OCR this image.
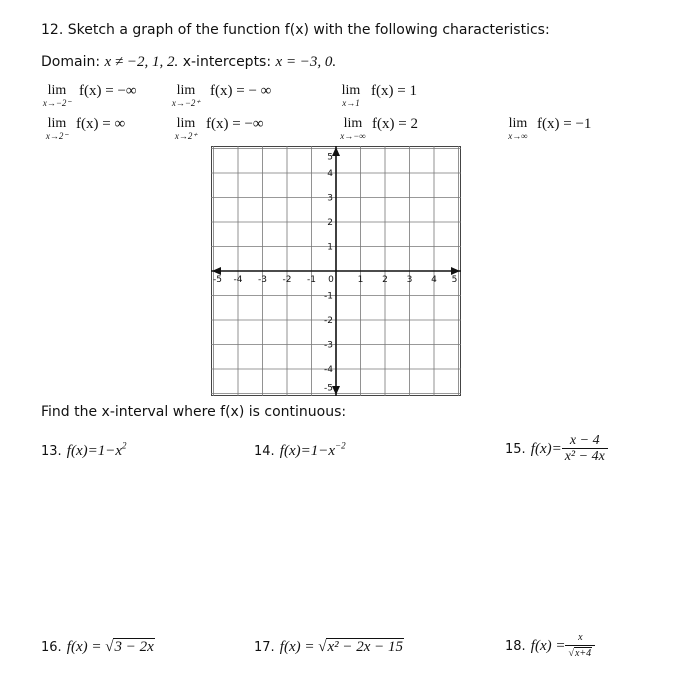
12. Sketch a graph of the function f(x) with the following characteristics:
Domain: x ≠ −2, 1, 2. x-intercepts: x = −3, 0.
lim
x→−2⁻
f(x) = −∞	lim
x→−2⁺
f(x) = − ∞	lim
x→1
f(x) = 1
lim
x→2⁻
f(x) = ∞	lim
x→2⁺
f(x) = −∞	lim
x→−∞
f(x) = 2	lim
x→∞
f(x) = −1
-5 -4 -3 -2 -1 0	1 2 3 4 5
5
4
3
2
1
-1
-2
-3
-4
-5
Find the x-interval where f(x) is continuous:
13. $f(x)=1-x^2$	14. $f(x)=1-x^{-2}$	15. $f(x)= \frac{x - 4}{\text{x² − 4x}}$
16. f(x) = √3 − 2x	17. f(x) = √x² − 2x − 15	18. $f(x) = \frac{x}{√x+4}$
